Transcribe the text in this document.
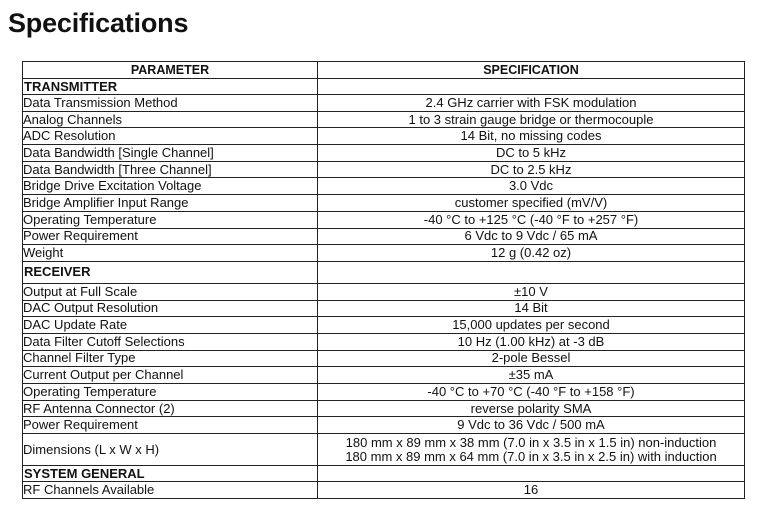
Specifications
PARAMETER	SPECIFICATION
TRANSMITTER	
Data Transmission Method	2.4 GHz carrier with FSK modulation
Analog Channels	1 to 3 strain gauge bridge or thermocouple
ADC Resolution	14 Bit, no missing codes
Data Bandwidth [Single Channel]	DC to 5 kHz
Data Bandwidth [Three Channel]	DC to 2.5 kHz
Bridge Drive Excitation Voltage	3.0 Vdc
Bridge Amplifier Input Range	customer specified (mV/V)
Operating Temperature	-40 °C to +125 °C (-40 °F to +257 °F)
Power Requirement	6 Vdc to 9 Vdc / 65 mA
Weight	12 g (0.42 oz)
RECEIVER	
Output at Full Scale	±10 V
DAC Output Resolution	14 Bit
DAC Update Rate	15,000 updates per second
Data Filter Cutoff Selections	10 Hz (1.00 kHz) at -3 dB
Channel Filter Type	2-pole Bessel
Current Output per Channel	±35 mA
Operating Temperature	-40 °C to +70 °C (-40 °F to +158 °F)
RF Antenna Connector (2)	reverse polarity SMA
Power Requirement	9 Vdc to 36 Vdc / 500 mA
Dimensions (L x W x H)	180 mm x 89 mm x 38 mm (7.0 in x 3.5 in x 1.5 in) non-induction
180 mm x 89 mm x 64 mm (7.0 in x 3.5 in x 2.5 in) with induction
SYSTEM GENERAL	
RF Channels Available	16
